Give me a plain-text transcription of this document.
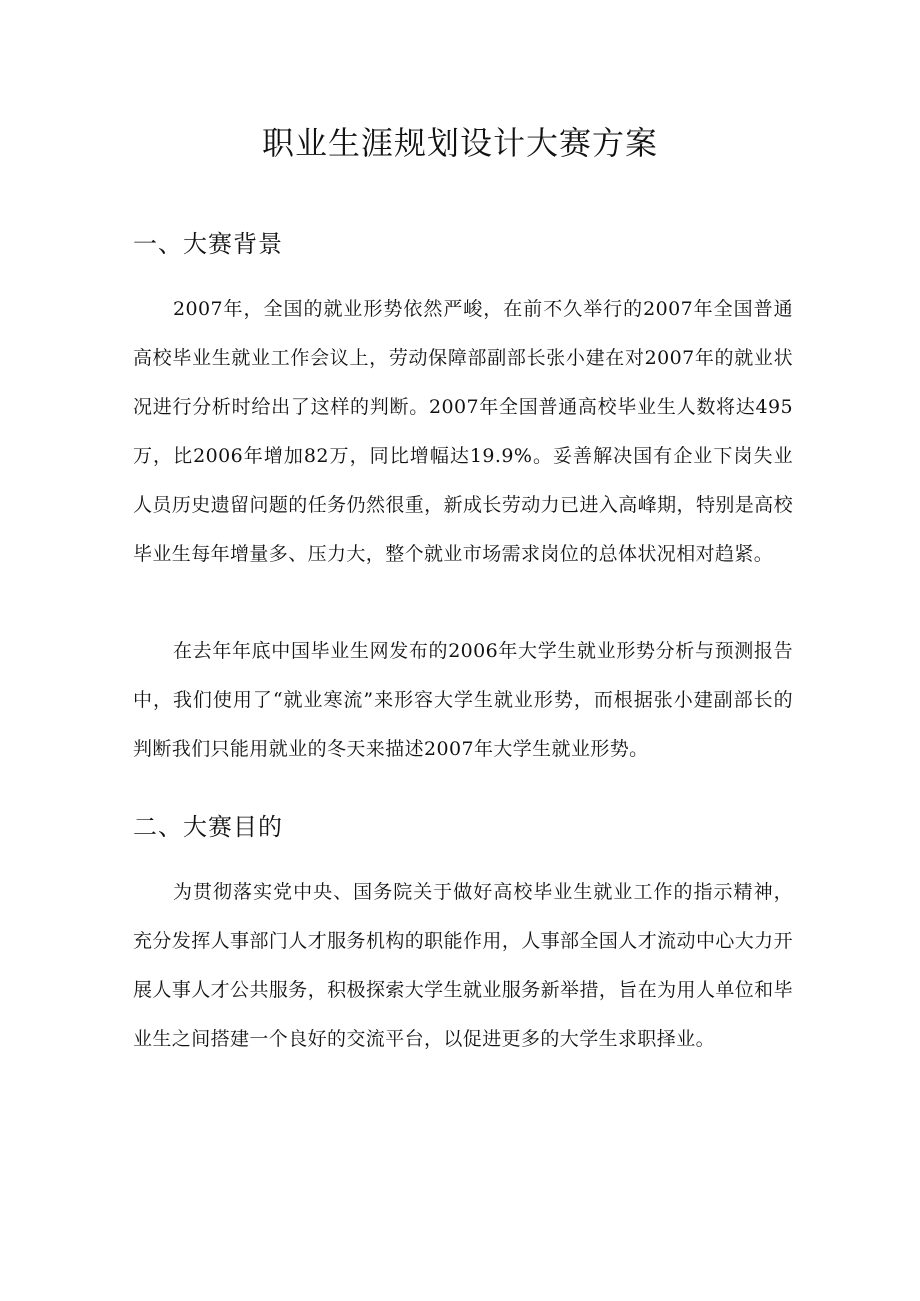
职业生涯规划设计大赛方案
一、大赛背景

2007年，全国的就业形势依然严峻，在前不久举行的2007年全国普通高校毕业生就业工作会议上，劳动保障部副部长张小建在对2007年的就业状况进行分析时给出了这样的判断。2007年全国普通高校毕业生人数将达495万，比2006年增加82万，同比增幅达19.9%。妥善解决国有企业下岗失业人员历史遗留问题的任务仍然很重，新成长劳动力已进入高峰期，特别是高校毕业生每年增量多、压力大，整个就业市场需求岗位的总体状况相对趋紧。

在去年年底中国毕业生网发布的2006年大学生就业形势分析与预测报告中，我们使用了“就业寒流”来形容大学生就业形势，而根据张小建副部长的判断我们只能用就业的冬天来描述2007年大学生就业形势。

二、大赛目的

为贯彻落实党中央、国务院关于做好高校毕业生就业工作的指示精神，充分发挥人事部门人才服务机构的职能作用，人事部全国人才流动中心大力开展人事人才公共服务，积极探索大学生就业服务新举措，旨在为用人单位和毕业生之间搭建一个良好的交流平台，以促进更多的大学生求职择业。
